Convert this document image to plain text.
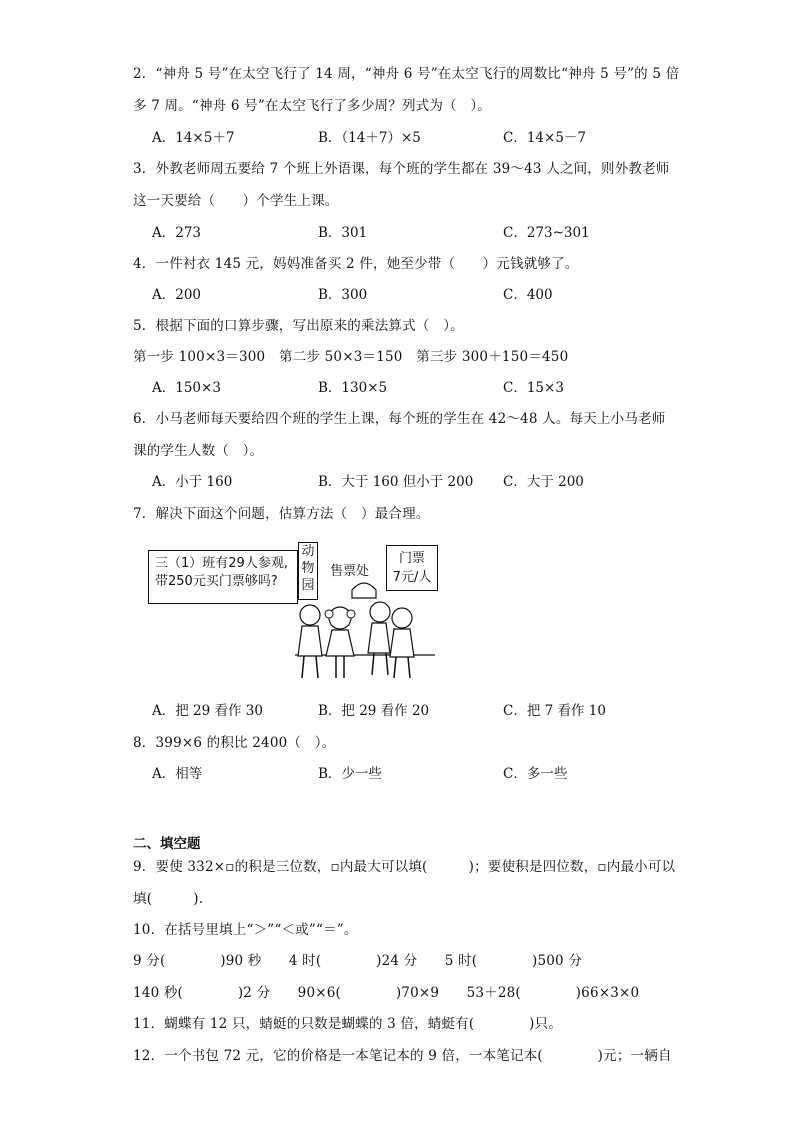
2．“神舟 5 号”在太空飞行了 14 周，“神舟 6 号”在太空飞行的周数比“神舟 5 号”的 5 倍
多 7 周。“神舟 6 号”在太空飞行了多少周？列式为（　）。
A．14×5＋7	B．（14＋7）×5	C．14×5－7
3．外教老师周五要给 7 个班上外语课，每个班的学生都在 39～43 人之间，则外教老师
这一天要给（　　）个学生上课。
A．273	B．301	C．273~301
4．一件衬衣 145 元，妈妈准备买 2 件，她至少带（　　）元钱就够了。
A．200	B．300	C．400
5．根据下面的口算步骤，写出原来的乘法算式（　）。
第一步 100×3＝300　第二步 50×3＝150　第三步 300＋150＝450
A．150×3	B．130×5	C．15×3
6．小马老师每天要给四个班的学生上课，每个班的学生在 42～48 人。每天上小马老师
课的学生人数（　）。
A．小于 160	B．大于 160 但小于 200 C．大于 200
7．解决下面这个问题，估算方法（　）最合理。
三（1）班有29人参观,
带250元买门票够吗?
动物园
售票处
门票
7元/人
A．把 29 看作 30	B．把 29 看作 20	C．把 7 看作 10
8．399×6 的积比 2400（　）。
A．相等	B．少一些	C．多一些
二、填空题
9．要使 332×▫的积是三位数，▫内最大可以填(　　　)；要使积是四位数，▫内最小可以
填(　　　).
10．在括号里填上“＞”“＜或”“＝”。
9 分(　　　　)90 秒　　4 时(　　　　)24 分　　5 时(　　　　)500 分
140 秒(　　　　)2 分　　90×6(　　　　)70×9　　53＋28(　　　　)66×3×0
11．蝴蝶有 12 只，蜻蜓的只数是蝴蝶的 3 倍，蜻蜓有(　　　　)只。
12．一个书包 72 元，它的价格是一本笔记本的 9 倍，一本笔记本(　　　　)元；一辆自
